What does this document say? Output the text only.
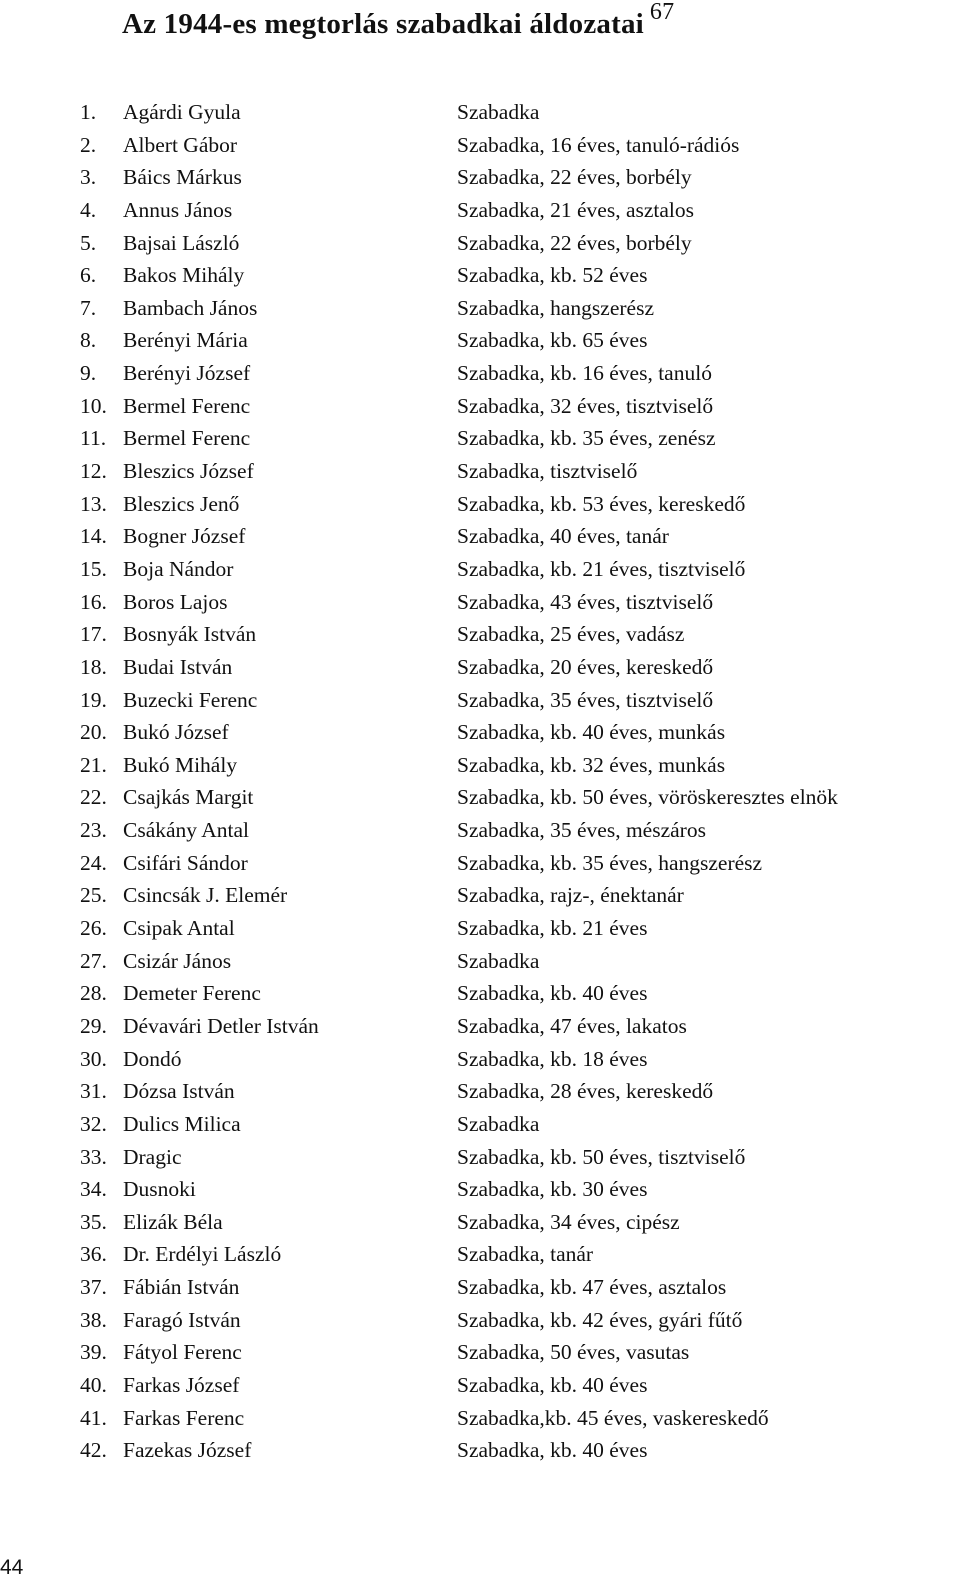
Az 1944-es megtorlás szabadkai áldozatai $^{67}$
1.	Agárdi Gyula	Szabadka
2.	Albert Gábor	Szabadka, 16 éves, tanuló-rádiós
3.	Báics Márkus	Szabadka, 22 éves, borbély
4.	Annus János	Szabadka, 21 éves, asztalos
5.	Bajsai László	Szabadka, 22 éves, borbély
6.	Bakos Mihály	Szabadka, kb. 52 éves
7.	Bambach János	Szabadka, hangszerész
8.	Berényi Mária	Szabadka, kb. 65 éves
9.	Berényi József	Szabadka, kb. 16 éves, tanuló
10. Bermel Ferenc	Szabadka, 32 éves, tisztviselő
11. Bermel Ferenc	Szabadka, kb. 35 éves, zenész
12. Bleszics József	Szabadka, tisztviselő
13. Bleszics Jenő	Szabadka, kb. 53 éves, kereskedő
14. Bogner József	Szabadka, 40 éves, tanár
15. Boja Nándor	Szabadka, kb. 21 éves, tisztviselő
16. Boros Lajos	Szabadka, 43 éves, tisztviselő
17. Bosnyák István	Szabadka, 25 éves, vadász
18. Budai István	Szabadka, 20 éves, kereskedő
19. Buzecki Ferenc	Szabadka, 35 éves, tisztviselő
20. Bukó József	Szabadka, kb. 40 éves, munkás
21. Bukó Mihály	Szabadka, kb. 32 éves, munkás
22. Csajkás Margit	Szabadka, kb. 50 éves, vöröskeresztes elnök
23. Csákány Antal	Szabadka, 35 éves, mészáros
24. Csifári Sándor	Szabadka, kb. 35 éves, hangszerész
25. Csincsák J. Elemér	Szabadka, rajz-, énektanár
26. Csipak Antal	Szabadka, kb. 21 éves
27. Csizár János	Szabadka
28. Demeter Ferenc	Szabadka, kb. 40 éves
29. Dévavári Detler István	Szabadka, 47 éves, lakatos
30. Dondó	Szabadka, kb. 18 éves
31. Dózsa István	Szabadka, 28 éves, kereskedő
32. Dulics Milica	Szabadka
33. Dragic	Szabadka, kb. 50 éves, tisztviselő
34. Dusnoki	Szabadka, kb. 30 éves
35. Elizák Béla	Szabadka, 34 éves, cipész
36. Dr. Erdélyi László	Szabadka, tanár
37. Fábián István	Szabadka, kb. 47 éves, asztalos
38. Faragó István	Szabadka, kb. 42 éves, gyári fűtő
39. Fátyol Ferenc	Szabadka, 50 éves, vasutas
40. Farkas József	Szabadka, kb. 40 éves
41. Farkas Ferenc	Szabadka,kb. 45 éves, vaskereskedő
42. Fazekas József	Szabadka, kb. 40 éves
44
